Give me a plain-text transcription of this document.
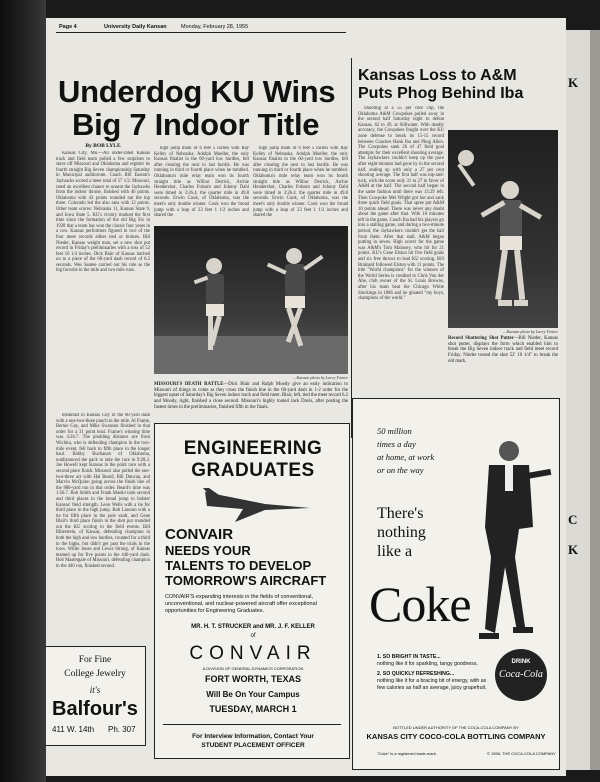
K
C
K
Page 4	University Daily Kansan	Monday, February 28, 1955
Underdog KU Wins
Big 7 Indoor Title
By BOB LYLE

Kansas City, Mo.—An under-rated Kansas track and field team pulled a few surprises to stave off Missouri and Oklahoma and register its fourth straight Big Seven championship Saturday in Municipal auditorium. Coach Bill Easton's Jayhawks scored a meet total of 57 1/2. Missouri, rated an excellent chance to unseat the Jayhawks from the indoor throne, finished with 46 points. Oklahoma with 43 points rounded out the top three. Colorado led the also rans with 12 points. Other team scores: Nebraska 11, Kansas State 9, and Iowa State 5. KU's victory marked the first time since the formation of the old Big Six in 1928 that a team has won the classic four years in a row. Kansas performers figured in two of the four meet records either tied or broken. Bill Nieder, Kansas weight man, set a new shot put record in Friday's preliminaries with a toss of 52 feet 10 1/4 inches. Dick Blair of Kansas latched on to a piece of the 60-yard dash record of 6.2 seconds. Wes Santee carried out his role as the big favorite in the mile and two mile runs.

breakfast in Kansas City in the 60-yard dash with a one-two-three punch in the mile. Al Frame, Bernie Gay, and Mike Swanson finished in that order for a 31 point lead. Frame's winning time was 4:26.7. The plodding distance ace from Wichita, who is defending champion in the two-mile event, fell back to fifth place in the longer haul. Bobby Buchanan of Oklahoma, outdistanced the pack to take the race in 9:28.3. Joe Howell kept Kansas in the point race with a second place finish. Missouri also pulled the one-two-three act with Hal Beard, Bill Duncan, and Marvin McQuinn going across the finish line of the 880-yard run in that order. Beard's time was 1:56.7. Bob Smith and Frank Mastio took second and third places in the broad jump to bolster Kansas' field strength. Leon Wells with a tie for third place in the high jump. Bob Lawson with a tie for fifth place in the pole vault, and Gene Blair's third place finish in the shot put rounded out the KU scoring in the field events. Bill Biberstein, of Kansas, defending champion in both the high and low hurdles, counted for a third in the highs, but didn't get past the trials in the lows. Willie Jones and Lewis Strong, of Kansas teamed up for five points in the 440-yard dash. Bob Mastergale of Missouri, defending champion in the 440 run, finished second.

high jump mark of 6 feet 5 inches with Ray Kelley of Nebraska. Adolph Mueller, the only Kansas finalist in the 60-yard low hurdles, fell after clearing the next to last hurdle. He was running in third or fourth place when he tumbled. Oklahoma's mile relay team won its fourth straight title as Wilbur Derrick, Archie Hendershot, Charles Folsom and Johnny Dahl were timed in 3:26.4. the quarter mile in 49.8 seconds. Erwin Cook, of Oklahoma, was the meet's only double winner. Cook won the broad jump with a leap of 23 feet 1 1/2 inches and shared the

high jump mark of 6 feet 5 inches with Ray Kelley of Nebraska. Adolph Mueller, the only Kansas finalist in the 60-yard low hurdles, fell after clearing the next to last hurdle. He was running in third or fourth place when he tumbled. Oklahoma's mile relay team won its fourth straight title as Wilbur Derrick, Archie Hendershot, Charles Folsom and Johnny Dahl were timed in 3:26.4. the quarter mile in 49.8 seconds. Erwin Cook, of Oklahoma, was the meet's only double winner. Cook won the broad jump with a leap of 23 feet 1 1/2 inches and shared the

—Kansan photo by Larry Trotter
MISSOURI'S DEATH RATTLE—Dick Blair and Ralph Moody give an early indication to Missouri of things to come as they cross the finish line in the 60-yard dash in 1-2 order for the biggest upset of Saturday's Big Seven indoor track and field meet. Blair, left, tied the meet record 6.2 and Moody, right, finished a close second. Missouri's highly touted Jack Davis, after posting the fastest times in the preliminaries, finished fifth in the finals.
Kansas Loss to A&M
Puts Phog Behind Iba

Shooting at a 55 per cent clip, the Oklahoma A&M Cowpokes pulled away in the second half Saturday night to defeat Kansas, 62 to 49, at Stillwater. With deadly accuracy, the Cowpokes fought over the KU zone defense to break its 15-15 record between Coaches Hank Iba and Phog Allen. The Cowpokes sank 26 of 47 field goal attempts for their excellent shooting average. The Jayhawkers couldn't keep up the pace after eight minutes had gone by in the second half, ending up with only a 27 per cent shooting average. The first half was nip-and-tuck, with the score only 31 to 27 in favor of A&M at the half. The second half began in the same fashion until there was 13:29 left. Then Cowpoke Mel Wright got hot and sank three quick field goals. That spree put A&M 10 points ahead. There was never any doubt about the game after that. With 10 minutes left in the game, Coach Iba had his players go into a stalling game, and during a two-minute period, the Jayhawkers couldn't get the ball from them. After that stall, A&M began putting in seven. High scorer for the game was A&M's Tom Maloney, who hit for 21 points. KU's Gene Elstun hit five field goals and six free throws to lead KU scoring. Bill Brainard followed Elstun with 11 points. The title "World champions" for the winners of the World Series is credited to Chris Von der Ahe, club owner of the St. Louis Browns, after his team beat the Chicago White Stockings in 1886 and he gloated "my boys, champions of the world."

—Kansan photo by Larry Trotter
Record Shattering Shot Putter—Bill Nieder, Kansas shot putter, displays the form which enabled him to break the Big Seven indoor track and field meet record Friday. Nieder tossed the shot 52' 10 1/4" to break the old mark.
ENGINEERING
GRADUATES
CONVAIR
NEEDS YOUR
TALENTS TO DEVELOP
TOMORROW'S AIRCRAFT
CONVAIR'S expanding interests in the fields of conventional, unconventional, and nuclear-powered aircraft offer exceptional opportunities for Engineering Graduates.
MR. H. T. STRUCKER and MR. J. F. KELLER
of
CONVAIR
A DIVISION OF GENERAL DYNAMICS CORPORATION
FORT WORTH, TEXAS
Will Be On Your Campus
TUESDAY, MARCH 1
For Interview Information, Contact Your
STUDENT PLACEMENT OFFICER
50 million
times a day
at home, at work
or on the way
There's
nothing
like a
Coke
DRINK
Coca-Cola
1. SO BRIGHT IN TASTE...
nothing like it for sparkling, tangy goodness.
2. SO QUICKLY REFRESHING...
nothing like it for a bracing bit of energy, with as few calories as half an average, juicy grapefruit.
BOTTLED UNDER AUTHORITY OF THE COCA-COLA COMPANY BY
KANSAS CITY COCO-COLA BOTTLING COMPANY
"Coke" is a registered trade-mark.	© 1955, THE COCA-COLA COMPANY
For Fine
College Jewelry
it's
Balfour's
411 W. 14th Ph. 307
